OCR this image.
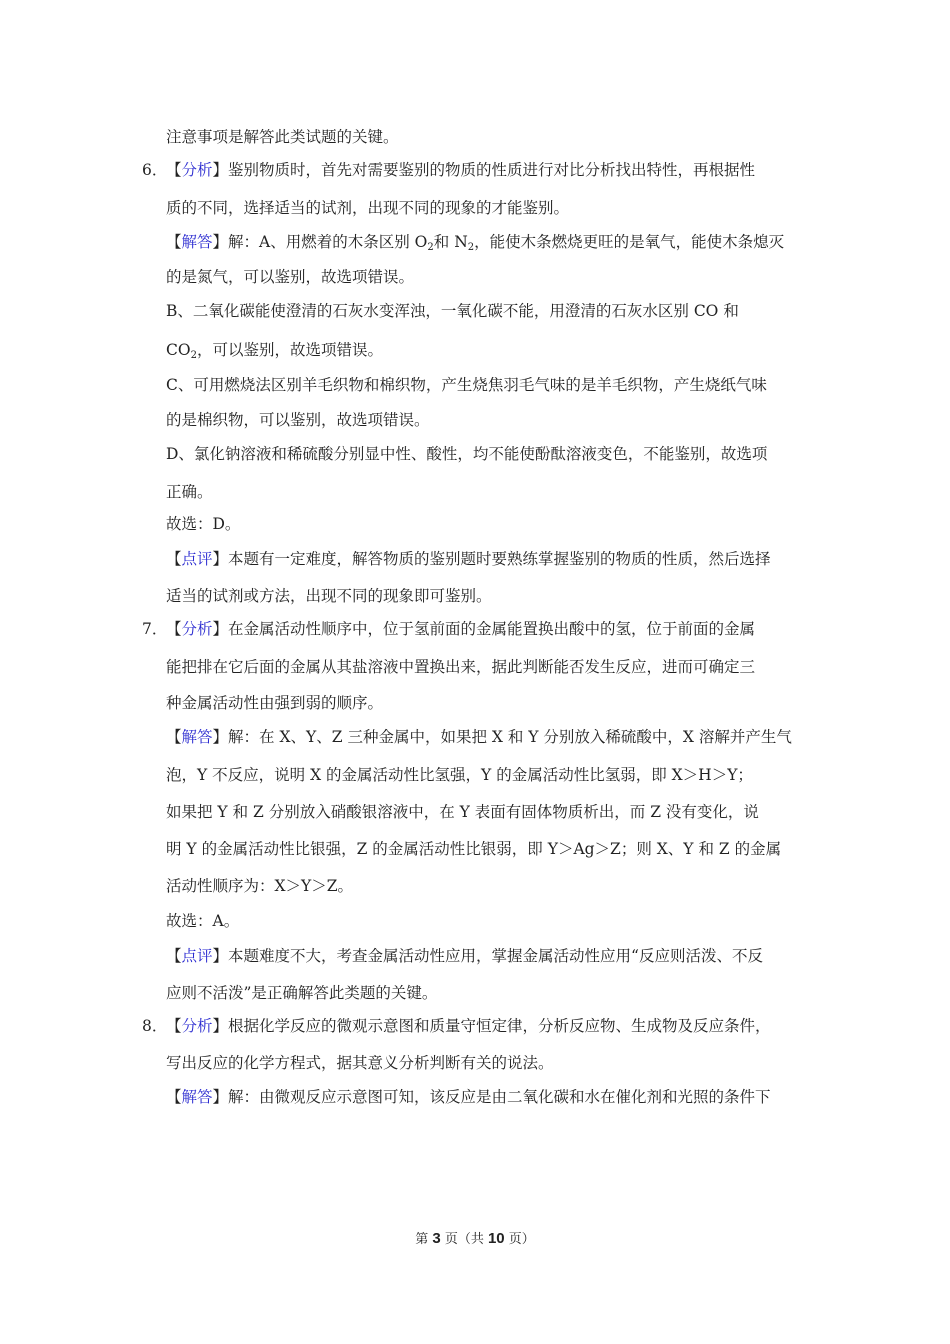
注意事项是解答此类试题的关键。
6．
【分析】鉴别物质时，首先对需要鉴别的物质的性质进行对比分析找出特性，再根据性
质的不同，选择适当的试剂，出现不同的现象的才能鉴别。
【解答】解：A、用燃着的木条区别 $O_2$和 $N_2$，能使木条燃烧更旺的是氧气，能使木条熄灭
的是氮气，可以鉴别，故选项错误。
B、二氧化碳能使澄清的石灰水变浑浊，一氧化碳不能，用澄清的石灰水区别 CO 和
$CO_2$，可以鉴别，故选项错误。
C、可用燃烧法区别羊毛织物和棉织物，产生烧焦羽毛气味的是羊毛织物，产生烧纸气味
的是棉织物，可以鉴别，故选项错误。
D、氯化钠溶液和稀硫酸分别显中性、酸性，均不能使酚酞溶液变色，不能鉴别，故选项
正确。
故选：D。
【点评】本题有一定难度，解答物质的鉴别题时要熟练掌握鉴别的物质的性质，然后选择
适当的试剂或方法，出现不同的现象即可鉴别。
7．
【分析】在金属活动性顺序中，位于氢前面的金属能置换出酸中的氢，位于前面的金属
能把排在它后面的金属从其盐溶液中置换出来，据此判断能否发生反应，进而可确定三
种金属活动性由强到弱的顺序。
【解答】解：在 X、Y、Z 三种金属中，如果把 X 和 Y 分别放入稀硫酸中，X 溶解并产生气
泡，Y 不反应，说明 X 的金属活动性比氢强，Y 的金属活动性比氢弱，即 X＞H＞Y；
如果把 Y 和 Z 分别放入硝酸银溶液中，在 Y 表面有固体物质析出，而 Z 没有变化，说
明 Y 的金属活动性比银强，Z 的金属活动性比银弱，即 Y＞Ag＞Z；则 X、Y 和 Z 的金属
活动性顺序为：X＞Y＞Z。
故选：A。
【点评】本题难度不大，考查金属活动性应用，掌握金属活动性应用“反应则活泼、不反
应则不活泼”是正确解答此类题的关键。
8．
【分析】根据化学反应的微观示意图和质量守恒定律，分析反应物、生成物及反应条件，
写出反应的化学方程式，据其意义分析判断有关的说法。
【解答】解：由微观反应示意图可知，该反应是由二氧化碳和水在催化剂和光照的条件下
第 3 页（共 10 页）
